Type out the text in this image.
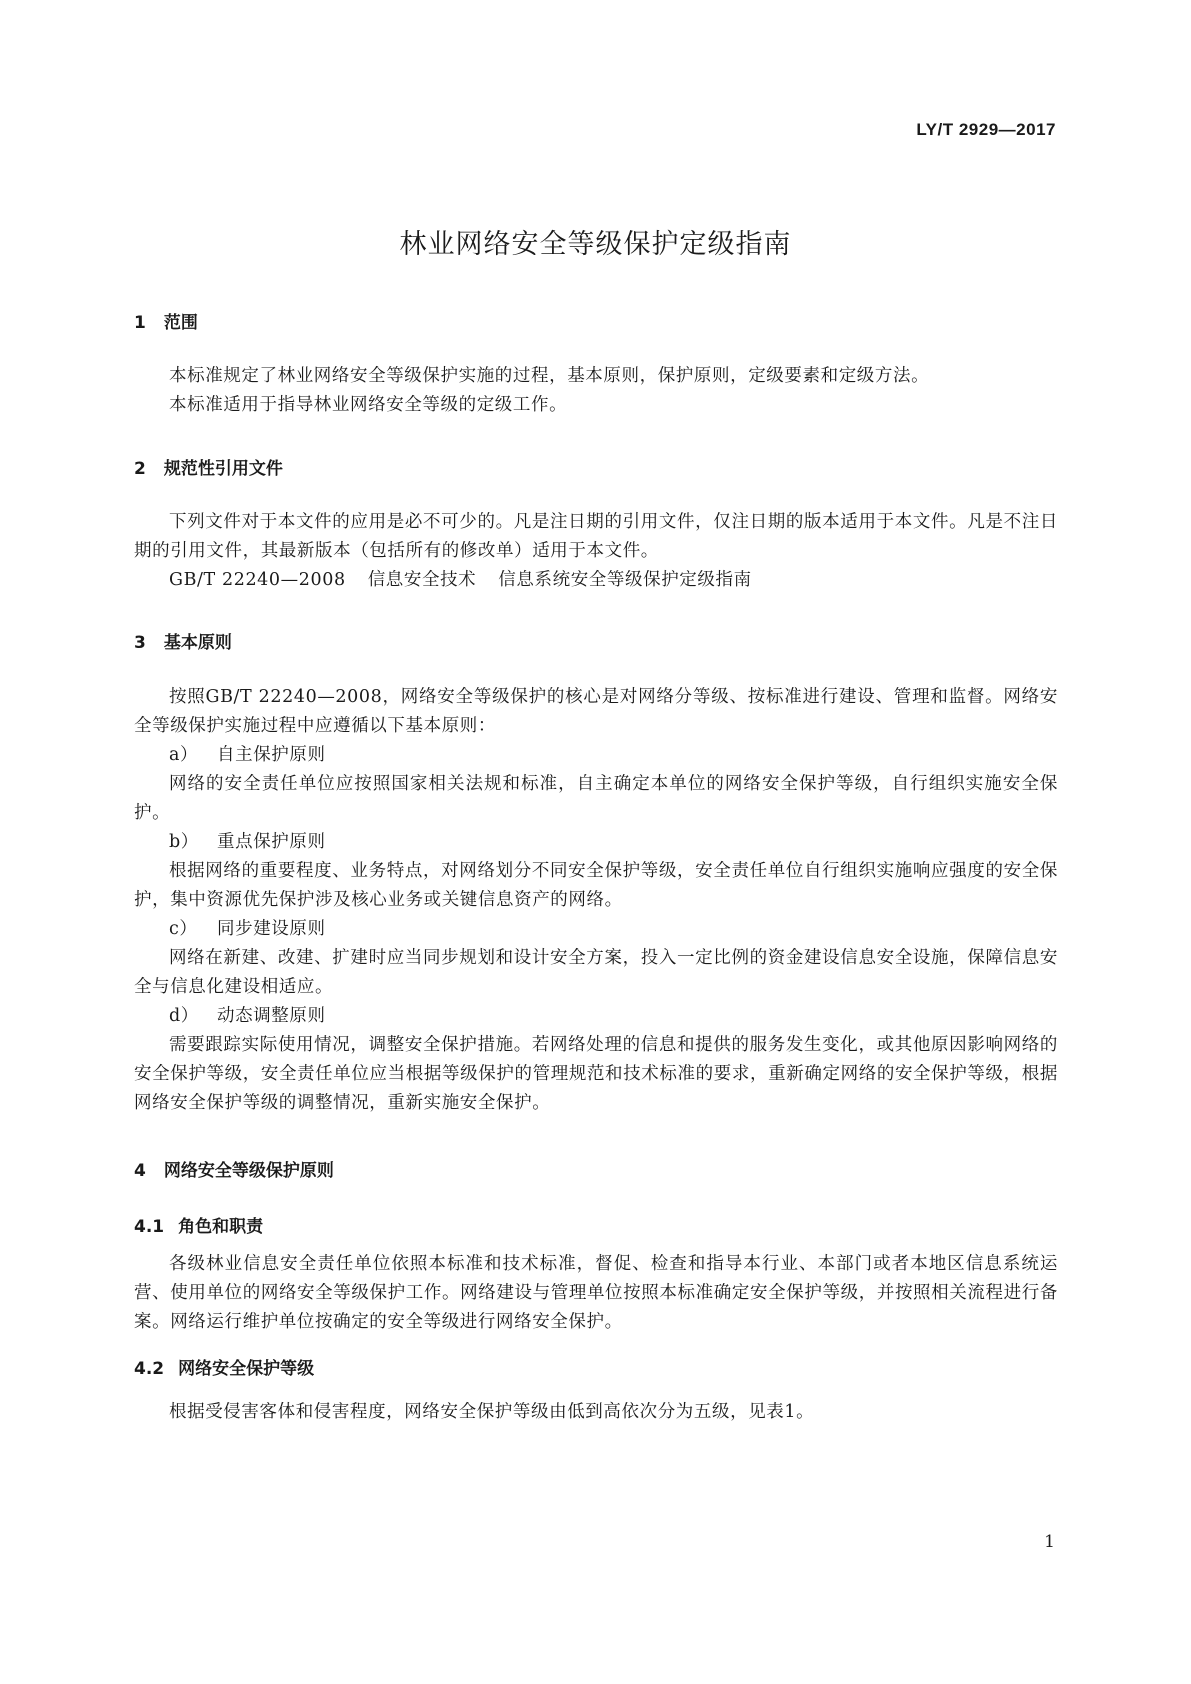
LY/T 2929—2017
林业网络安全等级保护定级指南
1 范围

本标准规定了林业网络安全等级保护实施的过程，基本原则，保护原则，定级要素和定级方法。

本标准适用于指导林业网络安全等级的定级工作。

2 规范性引用文件

下列文件对于本文件的应用是必不可少的。凡是注日期的引用文件，仅注日期的版本适用于本文件。凡是不注日期的引用文件，其最新版本（包括所有的修改单）适用于本文件。

GB/T 22240—2008 信息安全技术 信息系统安全等级保护定级指南

3 基本原则

按照GB/T 22240—2008，网络安全等级保护的核心是对网络分等级、按标准进行建设、管理和监督。网络安全等级保护实施过程中应遵循以下基本原则：

a） 自主保护原则

网络的安全责任单位应按照国家相关法规和标准，自主确定本单位的网络安全保护等级，自行组织实施安全保护。

b） 重点保护原则

根据网络的重要程度、业务特点，对网络划分不同安全保护等级，安全责任单位自行组织实施响应强度的安全保护，集中资源优先保护涉及核心业务或关键信息资产的网络。

c） 同步建设原则

网络在新建、改建、扩建时应当同步规划和设计安全方案，投入一定比例的资金建设信息安全设施，保障信息安全与信息化建设相适应。

d） 动态调整原则

需要跟踪实际使用情况，调整安全保护措施。若网络处理的信息和提供的服务发生变化，或其他原因影响网络的安全保护等级，安全责任单位应当根据等级保护的管理规范和技术标准的要求，重新确定网络的安全保护等级，根据网络安全保护等级的调整情况，重新实施安全保护。

4 网络安全等级保护原则
4.1 角色和职责

各级林业信息安全责任单位依照本标准和技术标准，督促、检查和指导本行业、本部门或者本地区信息系统运营、使用单位的网络安全等级保护工作。网络建设与管理单位按照本标准确定安全保护等级，并按照相关流程进行备案。网络运行维护单位按确定的安全等级进行网络安全保护。

4.2 网络安全保护等级

根据受侵害客体和侵害程度，网络安全保护等级由低到高依次分为五级，见表1。

1
